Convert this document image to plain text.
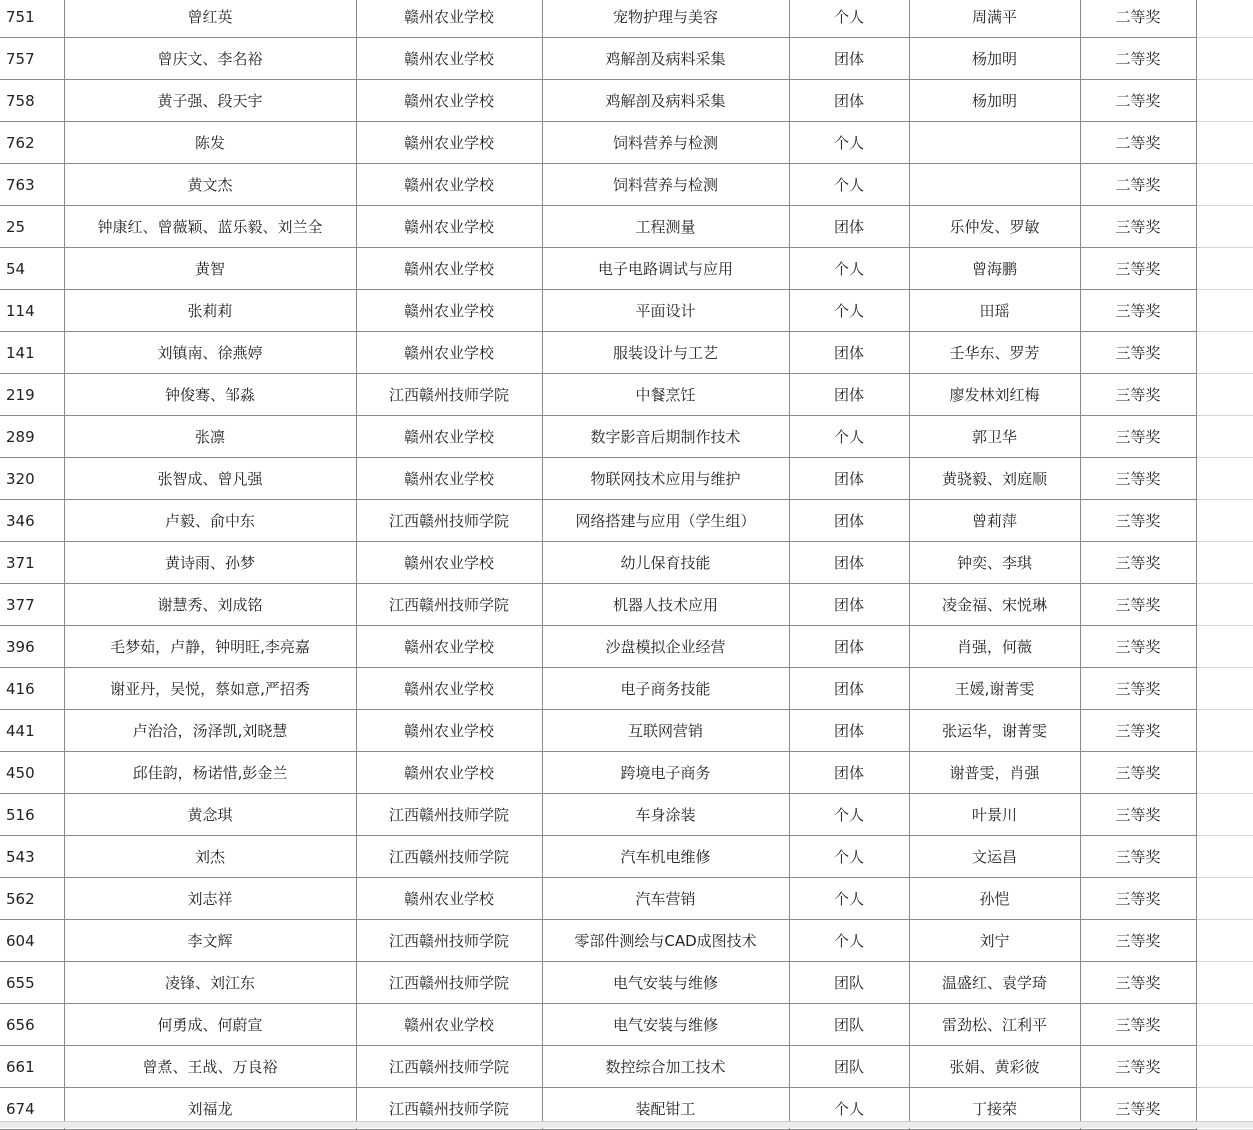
751	曾红英	赣州农业学校	宠物护理与美容	个人	周满平	二等奖	
757	曾庆文、李名裕	赣州农业学校	鸡解剖及病料采集	团体	杨加明	二等奖	
758	黄子强、段天宇	赣州农业学校	鸡解剖及病料采集	团体	杨加明	二等奖	
762	陈发	赣州农业学校	饲料营养与检测	个人		二等奖	
763	黄文杰	赣州农业学校	饲料营养与检测	个人		二等奖	
25	钟康红、曾薇颖、蓝乐毅、刘兰全	赣州农业学校	工程测量	团体	乐仲发、罗敏	三等奖	
54	黄智	赣州农业学校	电子电路调试与应用	个人	曾海鹏	三等奖	
114	张莉莉	赣州农业学校	平面设计	个人	田瑶	三等奖	
141	刘镇南、徐燕婷	赣州农业学校	服装设计与工艺	团体	壬华东、罗芳	三等奖	
219	钟俊骞、邹淼	江西赣州技师学院	中餐烹饪	团体	廖发林刘红梅	三等奖	
289	张凛	赣州农业学校	数字影音后期制作技术	个人	郭卫华	三等奖	
320	张智成、曾凡强	赣州农业学校	物联网技术应用与维护	团体	黄骁毅、刘庭顺	三等奖	
346	卢毅、俞中东	江西赣州技师学院	网络搭建与应用（学生组）	团体	曾莉萍	三等奖	
371	黄诗雨、孙梦	赣州农业学校	幼儿保育技能	团体	钟奕、李琪	三等奖	
377	谢慧秀、刘成铭	江西赣州技师学院	机器人技术应用	团体	凌金福、宋悦琳	三等奖	
396	毛梦茹，卢静，钟明旺,李亮嘉	赣州农业学校	沙盘模拟企业经营	团体	肖强，何薇	三等奖	
416	谢亚丹，吴悦，蔡如意,严招秀	赣州农业学校	电子商务技能	团体	王媛,谢菁雯	三等奖	
441	卢治洽，汤泽凯,刘晓慧	赣州农业学校	互联网营销	团体	张运华，谢菁雯	三等奖	
450	邱佳韵，杨诺惜,彭金兰	赣州农业学校	跨境电子商务	团体	谢普雯，肖强	三等奖	
516	黄念琪	江西赣州技师学院	车身涂装	个人	叶景川	三等奖	
543	刘杰	江西赣州技师学院	汽车机电维修	个人	文运昌	三等奖	
562	刘志祥	赣州农业学校	汽车营销	个人	孙恺	三等奖	
604	李文辉	江西赣州技师学院	零部件测绘与CAD成图技术	个人	刘宁	三等奖	
655	凌锋、刘江东	江西赣州技师学院	电气安装与维修	团队	温盛红、袁学琦	三等奖	
656	何勇成、何蔚宣	赣州农业学校	电气安装与维修	团队	雷劲松、江利平	三等奖	
661	曾煮、王战、万良裕	江西赣州技师学院	数控综合加工技术	团队	张娟、黄彩彼	三等奖	
674	刘福龙	江西赣州技师学院	装配钳工	个人	丁接荣	三等奖	
